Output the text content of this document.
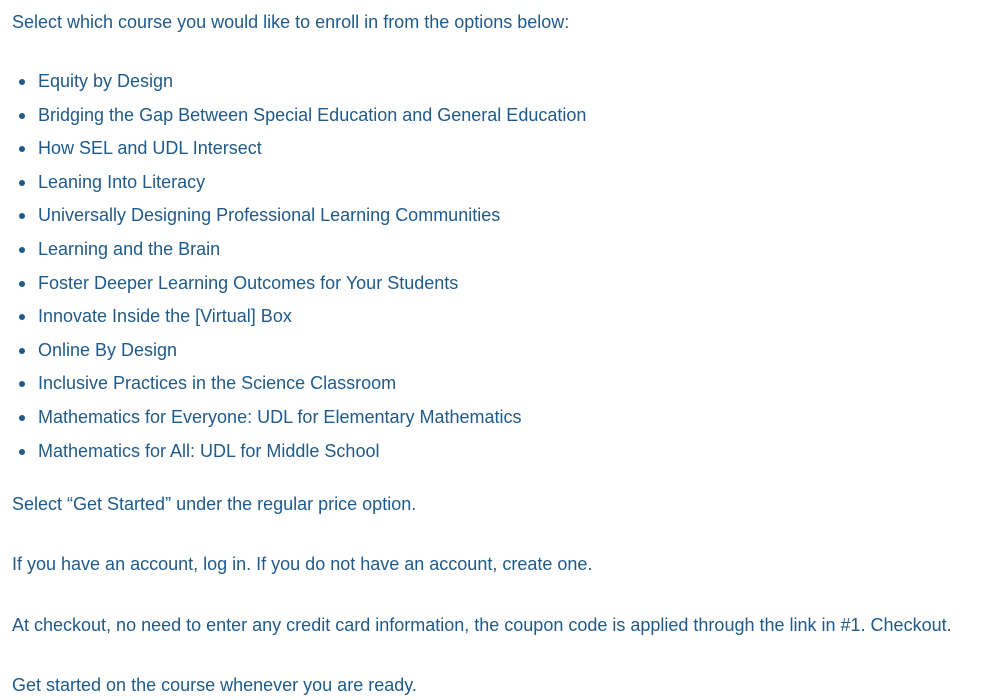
Select which course you would like to enroll in from the options below:

Equity by Design
Bridging the Gap Between Special Education and General Education
How SEL and UDL Intersect
Leaning Into Literacy
Universally Designing Professional Learning Communities
Learning and the Brain
Foster Deeper Learning Outcomes for Your Students
Innovate Inside the [Virtual] Box
Online By Design
Inclusive Practices in the Science Classroom
Mathematics for Everyone: UDL for Elementary Mathematics
Mathematics for All: UDL for Middle School

Select “Get Started” under the regular price option.

If you have an account, log in. If you do not have an account, create one.

At checkout, no need to enter any credit card information, the coupon code is applied through the link in #1. Checkout.

Get started on the course whenever you are ready.
